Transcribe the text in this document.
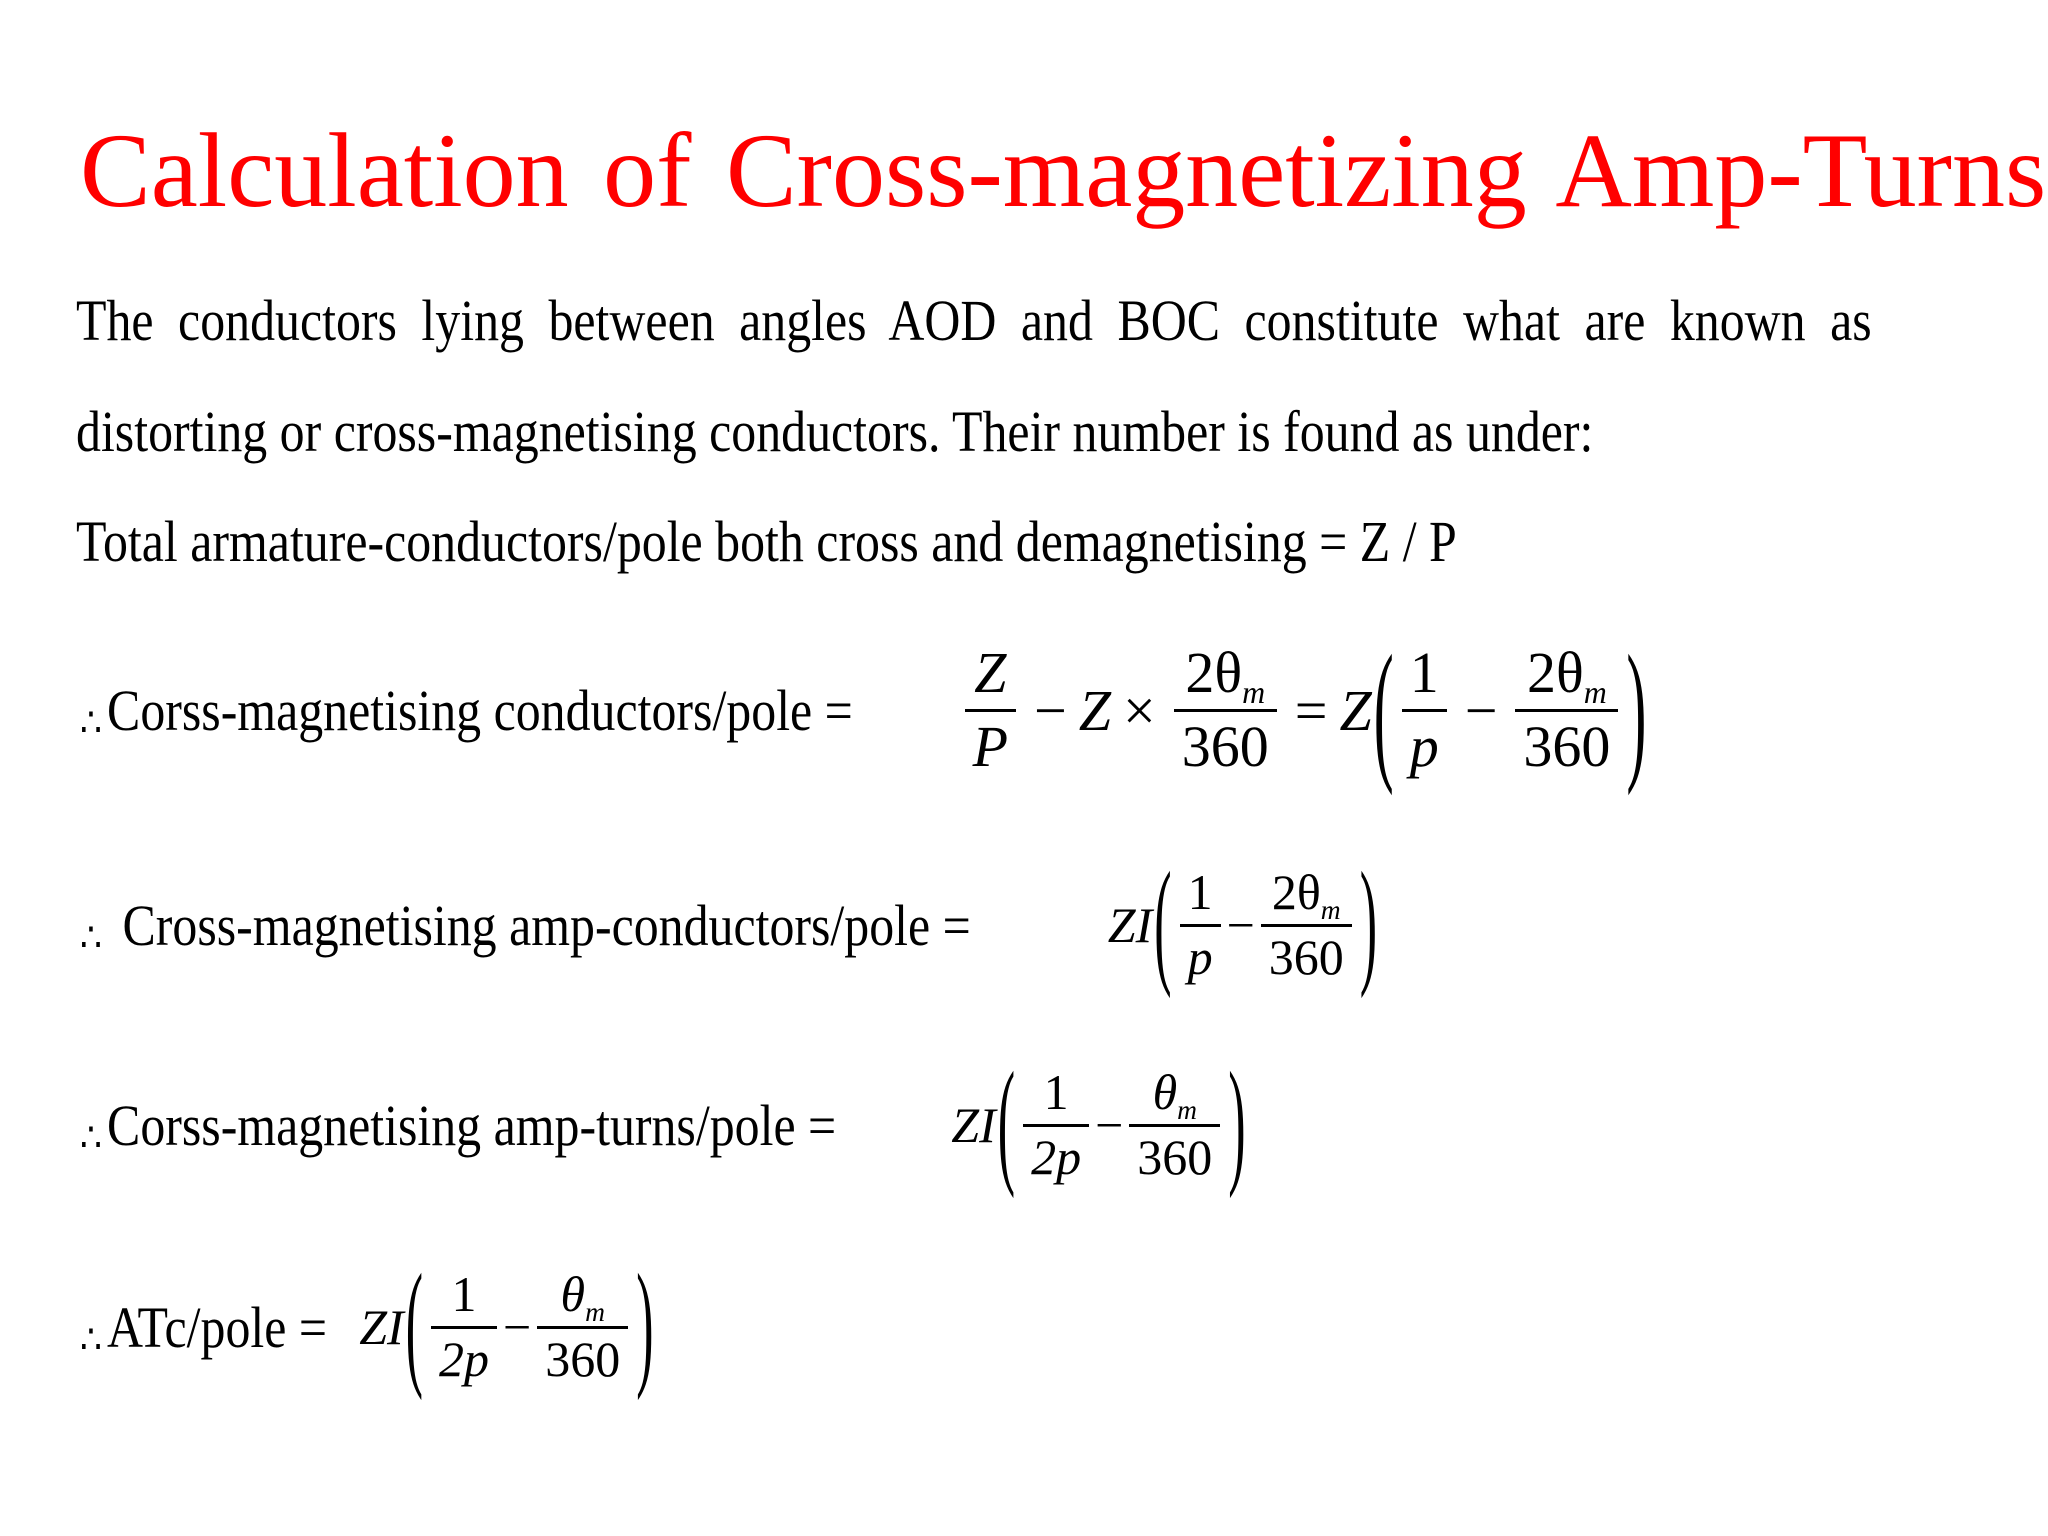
Calculation of Cross-magnetizing Amp-Turns

The conductors lying between angles AOD and BOC constitute what are known as

distorting or cross-magnetising conductors. Their number is found as under:

Total armature-conductors/pole both cross and demagnetising = Z / P

∴Corss-magnetising conductors/pole = $\frac{Z}{P} - Z \times \frac{2\theta m}{360} = Z$ ( $\frac{1}{p} - \frac{2\theta m}{360}$ )
∴ Cross-magnetising amp-conductors/pole =	ZI ( $\frac{1}{p} - \frac{2\theta m}{360}$ )
∴Corss-magnetising amp-turns/pole = ZI ( $\frac{1}{2p} - \frac{\theta m}{360}$ )
∴ATc/pole = ZI ( $\frac{1}{2p} - \frac{\theta m}{360}$ )
